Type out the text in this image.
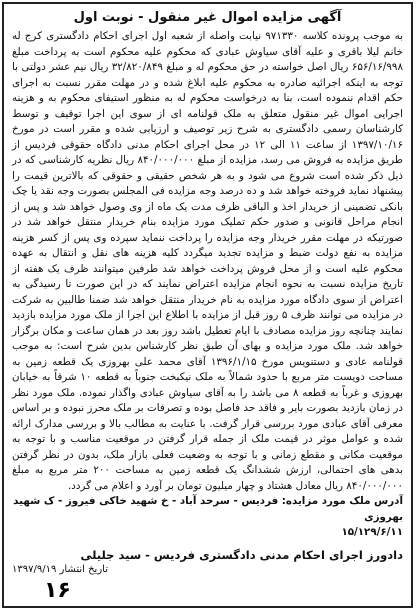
آگهی مزایده اموال غیر منقول - نوبت اول

به موجب پرونده کلاسه ۹۷۱۳۳۰ نیابت واصله از شعبه اول اجرای احکام دادگستری کرج له خانم لیلا باقری و علیه آقای سیاوش عبادی که محکوم علیه محکوم است به پرداخت مبلغ ۶۵۶/۱۶/۹۹۸ ریال اصل خواسته در حق محکوم له و مبلغ ۳۲/۸۲۰/۸۴۹ ریال نیم عشر دولتی با توجه به اینکه اجرائیه صادره به محکوم علیه ابلاغ شده و در مهلت مقرر نسبت به اجرای حکم اقدام ننموده است، بنا به درخواست محکوم له به منظور استیفای محکوم به و هزینه اجرایی اموال غیر منقول متعلق به ملک قولنامه ای از سوی این اجرا توقیف و توسط کارشناسان رسمی دادگستری به شرح زیر توصیف و ارزیابی شده و مقرر است در مورخ ۱۳۹۷/۱۰/۱۶ از ساعت ۱۱ الی ۱۲ در محل اجرای احکام مدنی دادگاه حقوقی فردیس از طریق مزایده به فروش می رسد، مزایده از مبلغ ۸۴۰/۰۰۰/۰۰۰ ریال نظریه کارشناسی که در ذیل ذکر شده است شروع می شود و به هر شخص حقیقی و حقوقی که بالاترین قیمت را پیشنهاد نماید فروخته خواهد شد و ده درصد وجه مزایده فی المجلس بصورت وجه نقد یا چک بانکی تضمینی از خریدار اخذ و الباقی ظرف مدت یک ماه از وی وصول خواهد شد و پس از انجام مراحل قانونی و صدور حکم تملیک مورد مزایده بنام خریدار منتقل خواهد شد در صورتیکه در مهلت مقرر خریدار وجه مزایده را پرداخت ننماید سپرده وی پس از کسر هزینه مزایده به نفع دولت ضبط و مزایده تجدید میگردد کلیه هزینه های نقل و انتقال به عهده محکوم علیه است و از محل فروش پرداخت خواهد شد طرفین میتوانند ظرف یک هفته از تاریخ مزایده نسبت به نحوه انجام مزایده اعتراض نمایند که در این صورت تا رسیدگی به اعتراض از سوی دادگاه مورد مزایده به نام خریدار منتقل خواهد شد ضمنا طالبین به شرکت در مزایده می توانند ظرف ۵ روز قبل از مزایده با اطلاع این اجرا از ملک مورد مزایده بازدید نمایند چنانچه روز مزایده مصادف با ایام تعطیل باشد روز بعد در همان ساعت و مکان برگزار خواهد شد. ملک مورد مزایده و بهای آن طبق نظر کارشناس بدین شرح است: به موجب قولنامه عادی و دستنویس مورخ ۱۳۹۶/۱/۱۵ آقای محمد علی بهروزی یک قطعه زمین به مساحت دویست متر مربع با حدود شمالاً به ملک نیکبخت جنوباً به قطعه ۱۰ شرقاً به خیابان بهروزی و غرباً به قطعه ۸ می باشد را به آقای سیاوش عبادی واگذار نموده. ملک مورد نظر در زمان بازدید بصورت بایر و فاقد حد فاصل بوده و تصرفات بر ملک محرز نبوده و بر اساس معرفی آقای عبادی مورد بررسی قرار گرفت. با عنایت به مطالب بالا و بررسی مدارک ارائه شده و عوامل موثر در قیمت ملک از جمله قرار گرفتن در موقعیت مناسب و با توجه به موقعیت مکانی و مقطع زمانی و با توجه به وضعیت فعلی بازار ملک، بدون در نظر گرفتن بدهی های احتمالی، ارزش ششدانگ یک قطعه زمین به مساحت ۲۰۰ متر مربع به مبلغ ۸۴۰/۰۰۰/۰۰۰ ریال معادل هشتاد و چهار میلیون تومان بر آورد و اعلام می گردد.

آدرس ملک مورد مزایده: فردیس - سرحد آباد - خ شهید خاکی فیروز - ک شهید بهروزی
۱۵/۱۲۹/۶/۱۱
دادورز اجرای احکام مدنی دادگستری فردیس - سید جلیلی
تاریخ انتشار ۱۳۹۷/۹/۱۹
۱۶
